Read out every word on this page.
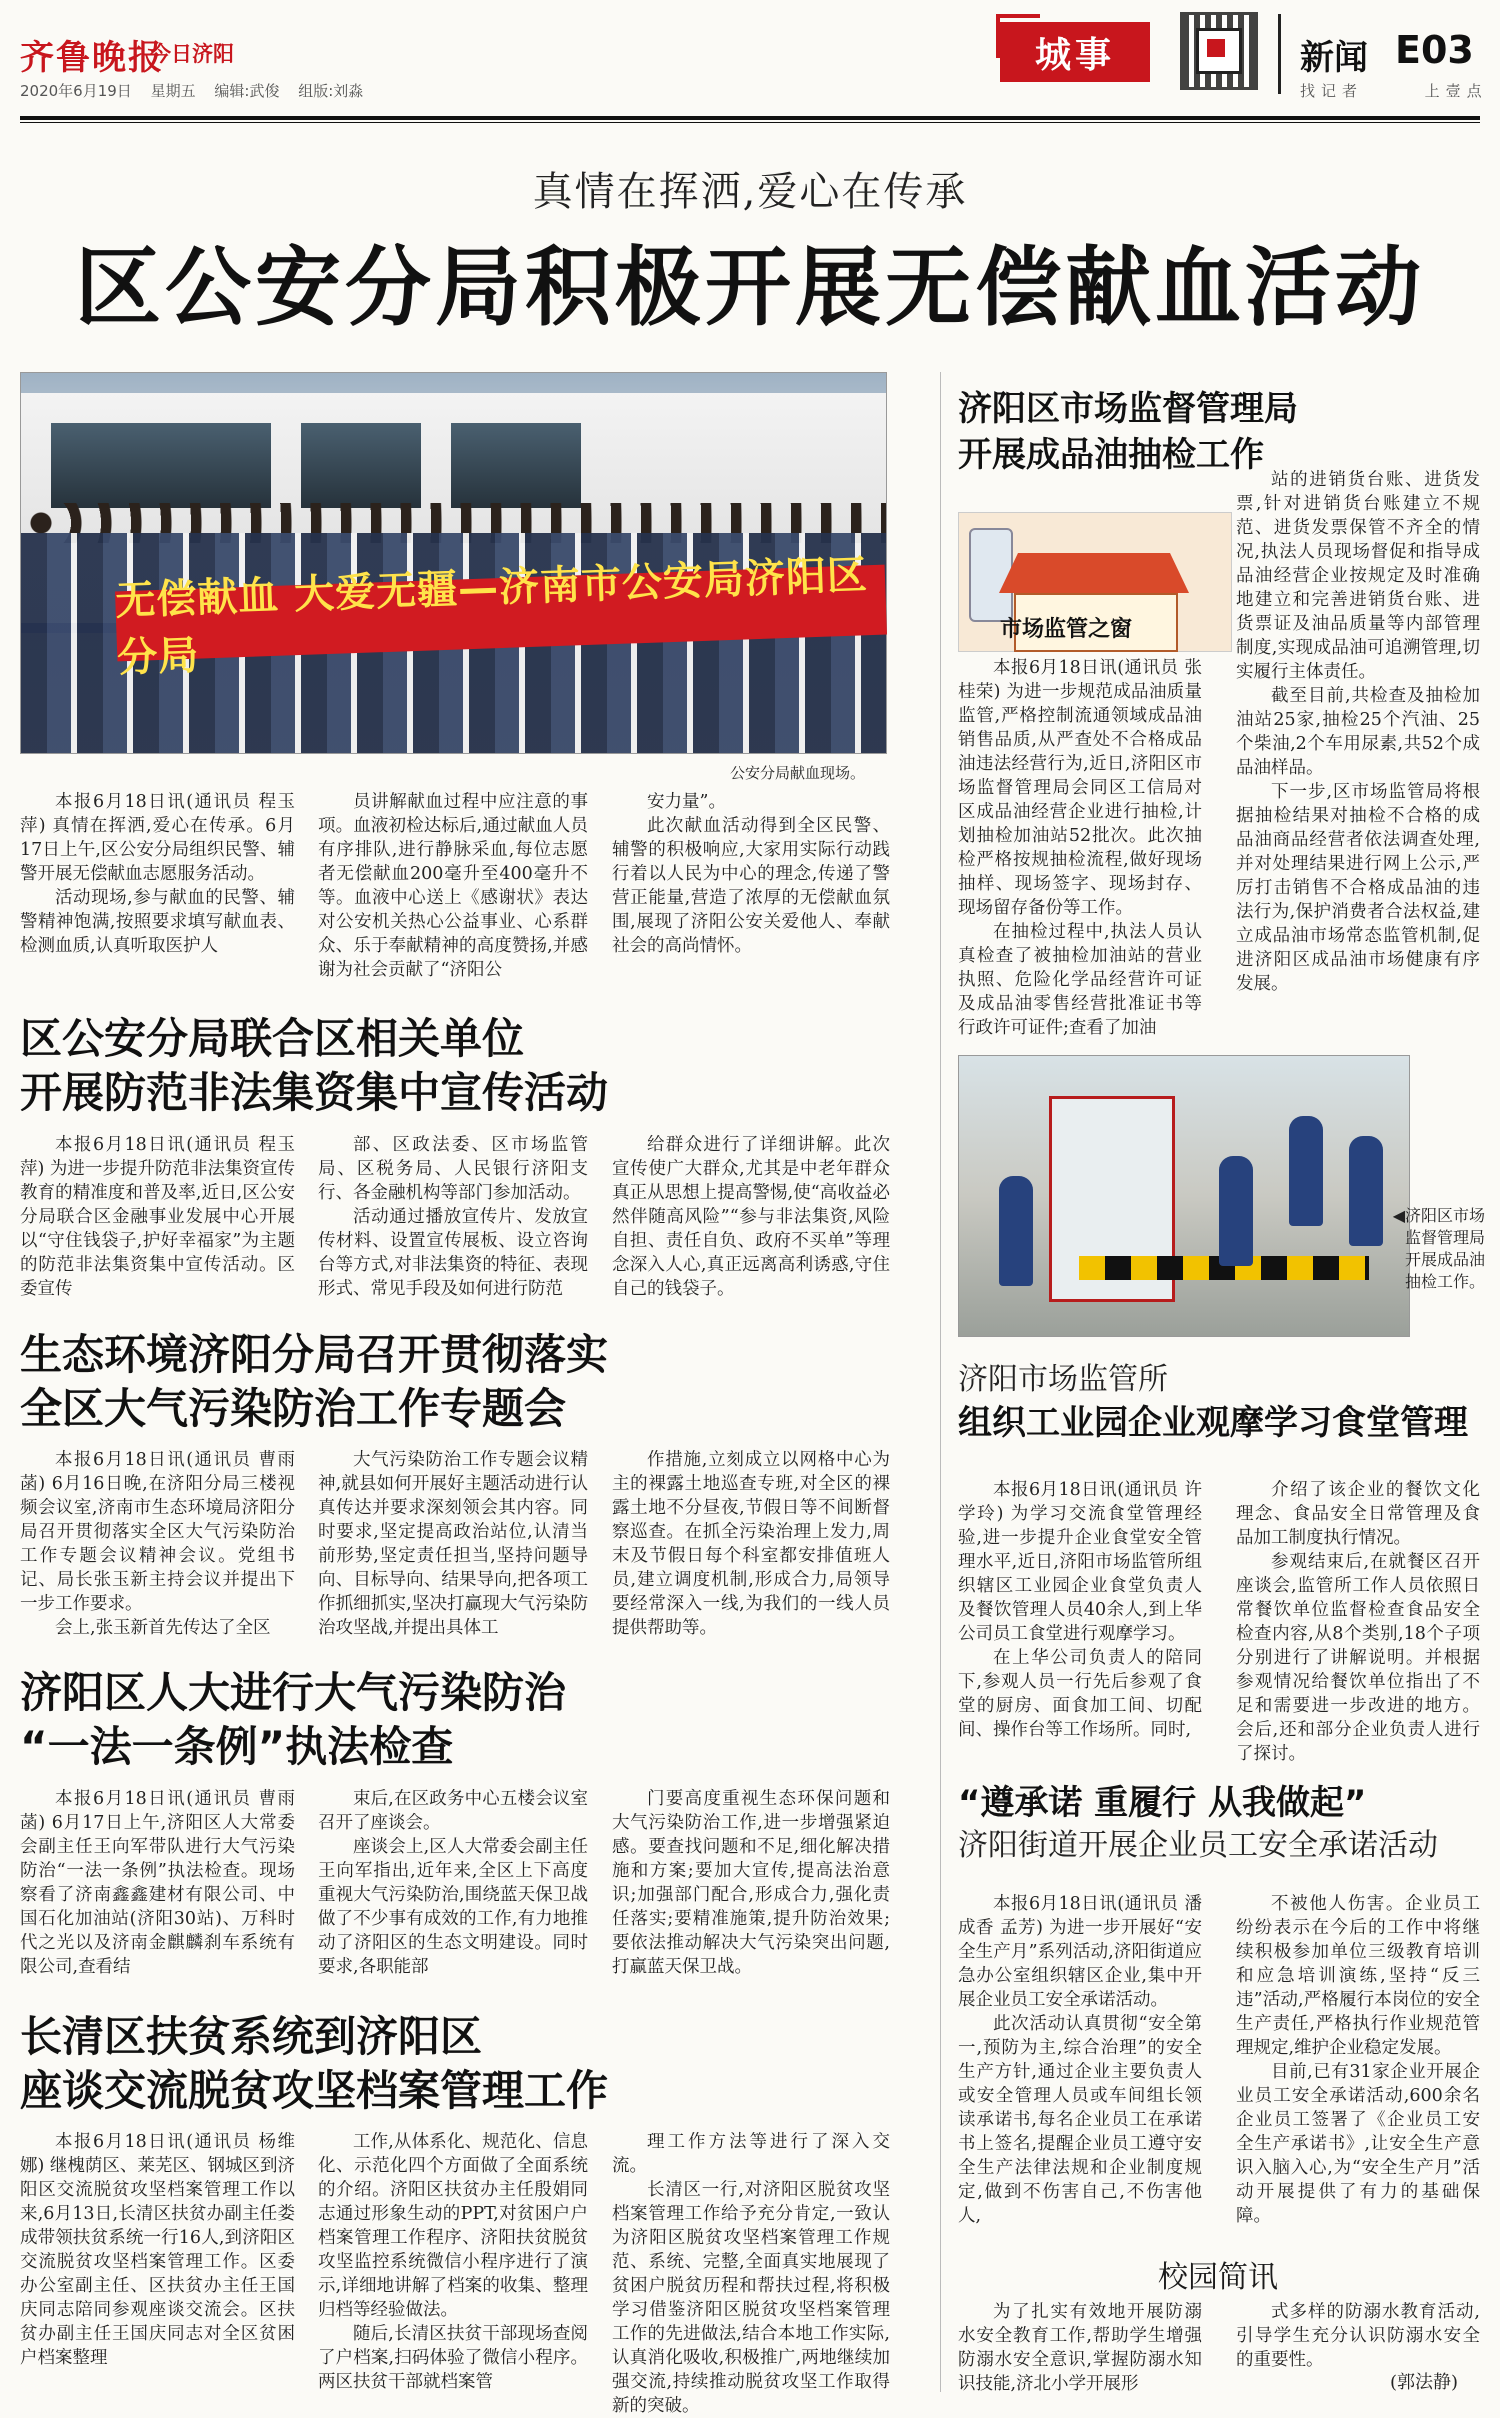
齐鲁晚报
今日济阳
2020年6月19日 星期五 编辑:武俊 组版:刘淼
城事	新闻 E03
找记者	上壹点
真情在挥洒,爱心在传承
区公安分局积极开展无偿献血活动
无偿献血 大爱无疆—济南市公安局济阳区分局
公安分局献血现场。

本报6月18日讯(通讯员 程玉萍) 真情在挥洒,爱心在传承。6月17日上午,区公安分局组织民警、辅警开展无偿献血志愿服务活动。

活动现场,参与献血的民警、辅警精神饱满,按照要求填写献血表、检测血质,认真听取医护人

员讲解献血过程中应注意的事项。血液初检达标后,通过献血人员有序排队,进行静脉采血,每位志愿者无偿献血200毫升至400毫升不等。血液中心送上《感谢状》表达对公安机关热心公益事业、心系群众、乐于奉献精神的高度赞扬,并感谢为社会贡献了“济阳公

安力量”。

此次献血活动得到全区民警、辅警的积极响应,大家用实际行动践行着以人民为中心的理念,传递了警营正能量,营造了浓厚的无偿献血氛围,展现了济阳公安关爱他人、奉献社会的高尚情怀。

区公安分局联合区相关单位
开展防范非法集资集中宣传活动

本报6月18日讯(通讯员 程玉萍) 为进一步提升防范非法集资宣传教育的精准度和普及率,近日,区公安分局联合区金融事业发展中心开展以“守住钱袋子,护好幸福家”为主题的防范非法集资集中宣传活动。区委宣传

部、区政法委、区市场监管局、区税务局、人民银行济阳支行、各金融机构等部门参加活动。

活动通过播放宣传片、发放宣传材料、设置宣传展板、设立咨询台等方式,对非法集资的特征、表现形式、常见手段及如何进行防范

给群众进行了详细讲解。此次宣传使广大群众,尤其是中老年群众真正从思想上提高警惕,使“高收益必然伴随高风险”“参与非法集资,风险自担、责任自负、政府不买单”等理念深入人心,真正远离高利诱惑,守住自己的钱袋子。

生态环境济阳分局召开贯彻落实
全区大气污染防治工作专题会

本报6月18日讯(通讯员 曹雨菡) 6月16日晚,在济阳分局三楼视频会议室,济南市生态环境局济阳分局召开贯彻落实全区大气污染防治工作专题会议精神会议。党组书记、局长张玉新主持会议并提出下一步工作要求。

会上,张玉新首先传达了全区

大气污染防治工作专题会议精神,就县如何开展好主题活动进行认真传达并要求深刻领会其内容。同时要求,坚定提高政治站位,认清当前形势,坚定责任担当,坚持问题导向、目标导向、结果导向,把各项工作抓细抓实,坚决打赢现大气污染防治攻坚战,并提出具体工

作措施,立刻成立以网格中心为主的裸露土地巡查专班,对全区的裸露土地不分昼夜,节假日等不间断督察巡查。在抓全污染治理上发力,周末及节假日每个科室都安排值班人员,建立调度机制,形成合力,局领导要经常深入一线,为我们的一线人员提供帮助等。

济阳区人大进行大气污染防治
“一法一条例”执法检查

本报6月18日讯(通讯员 曹雨菡) 6月17日上午,济阳区人大常委会副主任王向军带队进行大气污染防治“一法一条例”执法检查。现场察看了济南鑫鑫建材有限公司、中国石化加油站(济阳30站)、万科时代之光以及济南金麒麟刹车系统有限公司,查看结

束后,在区政务中心五楼会议室召开了座谈会。

座谈会上,区人大常委会副主任王向军指出,近年来,全区上下高度重视大气污染防治,围绕蓝天保卫战做了不少事有成效的工作,有力地推动了济阳区的生态文明建设。同时要求,各职能部

门要高度重视生态环保问题和大气污染防治工作,进一步增强紧迫感。要查找问题和不足,细化解决措施和方案;要加大宣传,提高法治意识;加强部门配合,形成合力,强化责任落实;要精准施策,提升防治效果;要依法推动解决大气污染突出问题,打赢蓝天保卫战。

长清区扶贫系统到济阳区
座谈交流脱贫攻坚档案管理工作

本报6月18日讯(通讯员 杨维娜) 继槐荫区、莱芜区、钢城区到济阳区交流脱贫攻坚档案管理工作以来,6月13日,长清区扶贫办副主任娄成带领扶贫系统一行16人,到济阳区交流脱贫攻坚档案管理工作。区委办公室副主任、区扶贫办主任王国庆同志陪同参观座谈交流会。区扶贫办副主任王国庆同志对全区贫困户档案整理

工作,从体系化、规范化、信息化、示范化四个方面做了全面系统的介绍。济阳区扶贫办主任殷娟同志通过形象生动的PPT,对贫困户户档案管理工作程序、济阳扶贫脱贫攻坚监控系统微信小程序进行了演示,详细地讲解了档案的收集、整理归档等经验做法。

随后,长清区扶贫干部现场查阅了户档案,扫码体验了微信小程序。两区扶贫干部就档案管

理工作方法等进行了深入交流。

长清区一行,对济阳区脱贫攻坚档案管理工作给予充分肯定,一致认为济阳区脱贫攻坚档案管理工作规范、系统、完整,全面真实地展现了贫困户脱贫历程和帮扶过程,将积极学习借鉴济阳区脱贫攻坚档案管理工作的先进做法,结合本地工作实际,认真消化吸收,积极推广,两地继续加强交流,持续推动脱贫攻坚工作取得新的突破。

济阳区市场监督管理局
开展成品油抽检工作
市场监管之窗

本报6月18日讯(通讯员 张桂荣) 为进一步规范成品油质量监管,严格控制流通领域成品油销售品质,从严查处不合格成品油违法经营行为,近日,济阳区市场监督管理局会同区工信局对区成品油经营企业进行抽检,计划抽检加油站52批次。此次抽检严格按规抽检流程,做好现场抽样、现场签字、现场封存、现场留存备份等工作。

在抽检过程中,执法人员认真检查了被抽检加油站的营业执照、危险化学品经营许可证及成品油零售经营批准证书等行政许可证件;查看了加油

站的进销货台账、进货发票,针对进销货台账建立不规范、进货发票保管不齐全的情况,执法人员现场督促和指导成品油经营企业按规定及时准确地建立和完善进销货台账、进货票证及油品质量等内部管理制度,实现成品油可追溯管理,切实履行主体责任。

截至目前,共检查及抽检加油站25家,抽检25个汽油、25个柴油,2个车用尿素,共52个成品油样品。

下一步,区市场监管局将根据抽检结果对抽检不合格的成品油商品经营者依法调查处理,并对处理结果进行网上公示,严厉打击销售不合格成品油的违法行为,保护消费者合法权益,建立成品油市场常态监管机制,促进济阳区成品油市场健康有序发展。

◀济阳区市场监督管理局开展成品油抽检工作。
济阳市场监管所
组织工业园企业观摩学习食堂管理

本报6月18日讯(通讯员 许学玲) 为学习交流食堂管理经验,进一步提升企业食堂安全管理水平,近日,济阳市场监管所组织辖区工业园企业食堂负责人及餐饮管理人员40余人,到上华公司员工食堂进行观摩学习。

在上华公司负责人的陪同下,参观人员一行先后参观了食堂的厨房、面食加工间、切配间、操作台等工作场所。同时,

介绍了该企业的餐饮文化理念、食品安全日常管理及食品加工制度执行情况。

参观结束后,在就餐区召开座谈会,监管所工作人员依照日常餐饮单位监督检查食品安全检查内容,从8个类别,18个子项分别进行了讲解说明。并根据参观情况给餐饮单位指出了不足和需要进一步改进的地方。会后,还和部分企业负责人进行了探讨。

“遵承诺 重履行 从我做起”
济阳街道开展企业员工安全承诺活动

本报6月18日讯(通讯员 潘成香 孟芳) 为进一步开展好“安全生产月”系列活动,济阳街道应急办公室组织辖区企业,集中开展企业员工安全承诺活动。

此次活动认真贯彻“安全第一,预防为主,综合治理”的安全生产方针,通过企业主要负责人或安全管理人员或车间组长领读承诺书,每名企业员工在承诺书上签名,提醒企业员工遵守安全生产法律法规和企业制度规定,做到不伤害自己,不伤害他人,

不被他人伤害。企业员工纷纷表示在今后的工作中将继续积极参加单位三级教育培训和应急培训演练,坚持“反三违”活动,严格履行本岗位的安全生产责任,严格执行作业规范管理规定,维护企业稳定发展。

目前,已有31家企业开展企业员工安全承诺活动,600余名企业员工签署了《企业员工安全生产承诺书》,让安全生产意识入脑入心,为“安全生产月”活动开展提供了有力的基础保障。

校园简讯

为了扎实有效地开展防溺水安全教育工作,帮助学生增强防溺水安全意识,掌握防溺水知识技能,济北小学开展形

式多样的防溺水教育活动,引导学生充分认识防溺水安全的重要性。

(郭法静)
